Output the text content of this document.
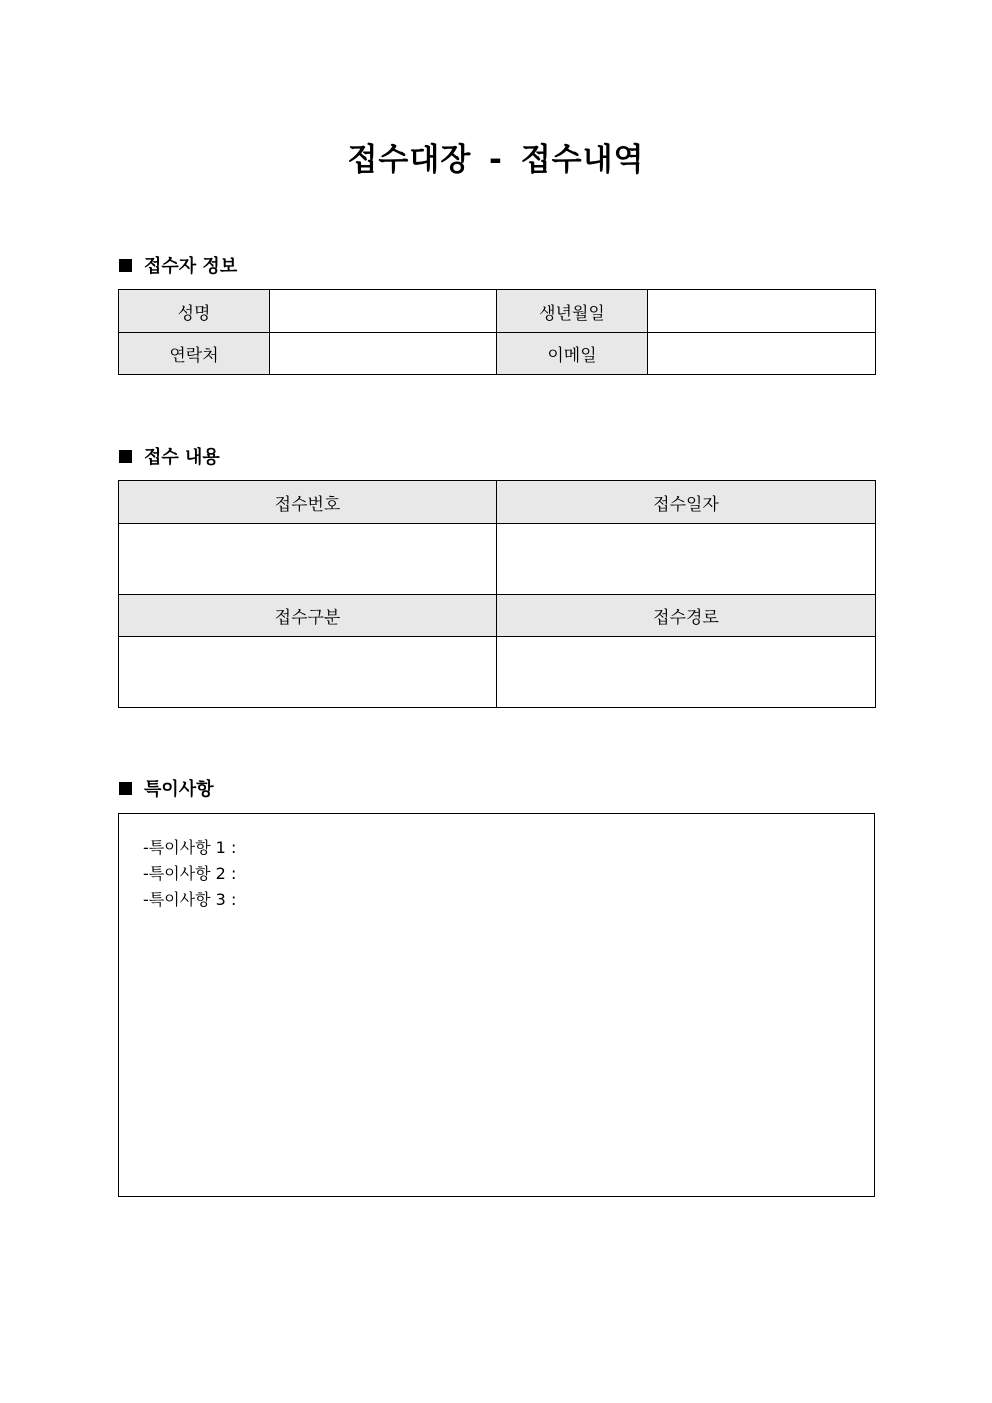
접수대장 - 접수내역
접수자 정보
성명		생년월일	
연락처		이메일	
접수 내용
접수번호	접수일자

접수구분	접수경로

특이사항
-특이사항 1 :
-특이사항 2 :
-특이사항 3 :
